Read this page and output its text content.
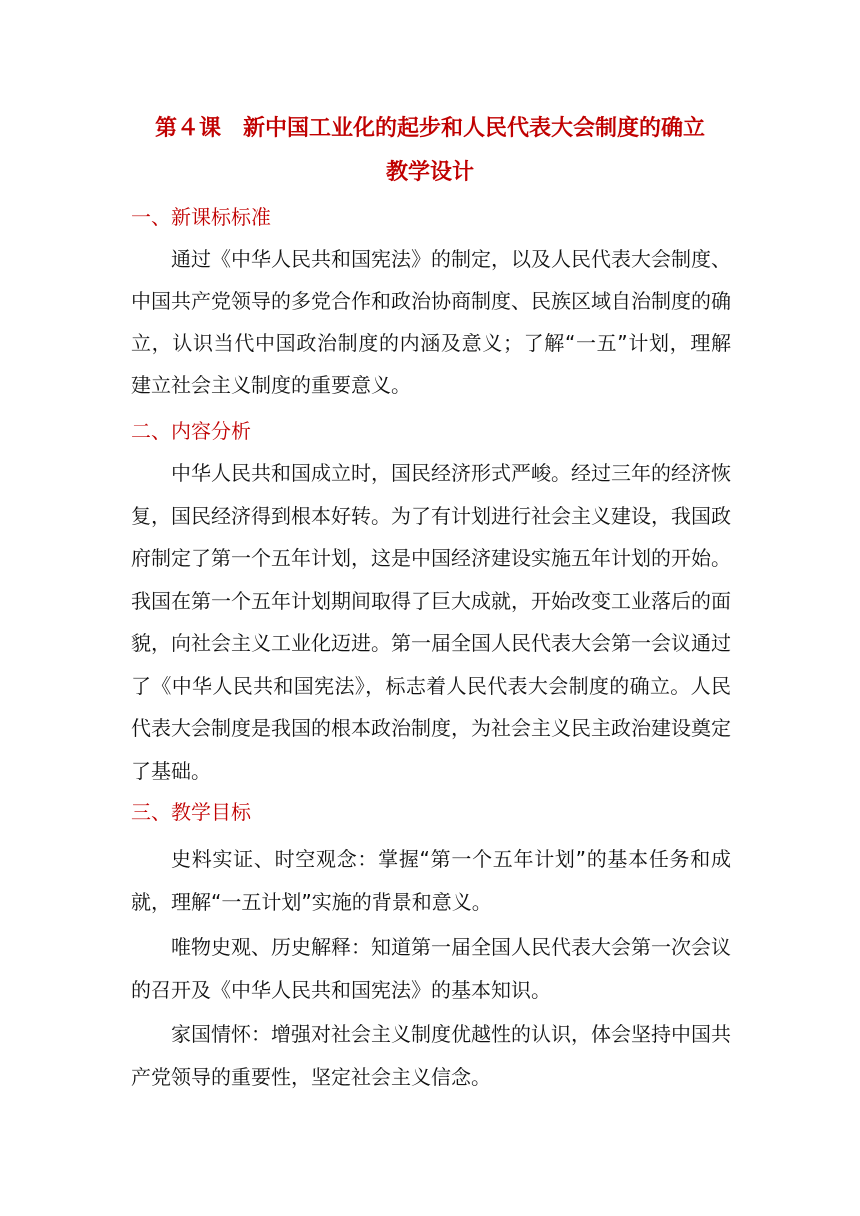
第４课　新中国工业化的起步和人民代表大会制度的确立
教学设计
一、新课标标准

通过《中华人民共和国宪法》的制定，以及人民代表大会制度、中国共产党领导的多党合作和政治协商制度、民族区域自治制度的确立，认识当代中国政治制度的内涵及意义；了解“一五”计划，理解建立社会主义制度的重要意义。

二、内容分析

中华人民共和国成立时，国民经济形式严峻。经过三年的经济恢复，国民经济得到根本好转。为了有计划进行社会主义建设，我国政府制定了第一个五年计划，这是中国经济建设实施五年计划的开始。我国在第一个五年计划期间取得了巨大成就，开始改变工业落后的面貌，向社会主义工业化迈进。第一届全国人民代表大会第一会议通过了《中华人民共和国宪法》，标志着人民代表大会制度的确立。人民代表大会制度是我国的根本政治制度，为社会主义民主政治建设奠定了基础。

三、教学目标

史料实证、时空观念：掌握“第一个五年计划”的基本任务和成就，理解“一五计划”实施的背景和意义。

唯物史观、历史解释：知道第一届全国人民代表大会第一次会议的召开及《中华人民共和国宪法》的基本知识。

家国情怀：增强对社会主义制度优越性的认识，体会坚持中国共产党领导的重要性，坚定社会主义信念。
